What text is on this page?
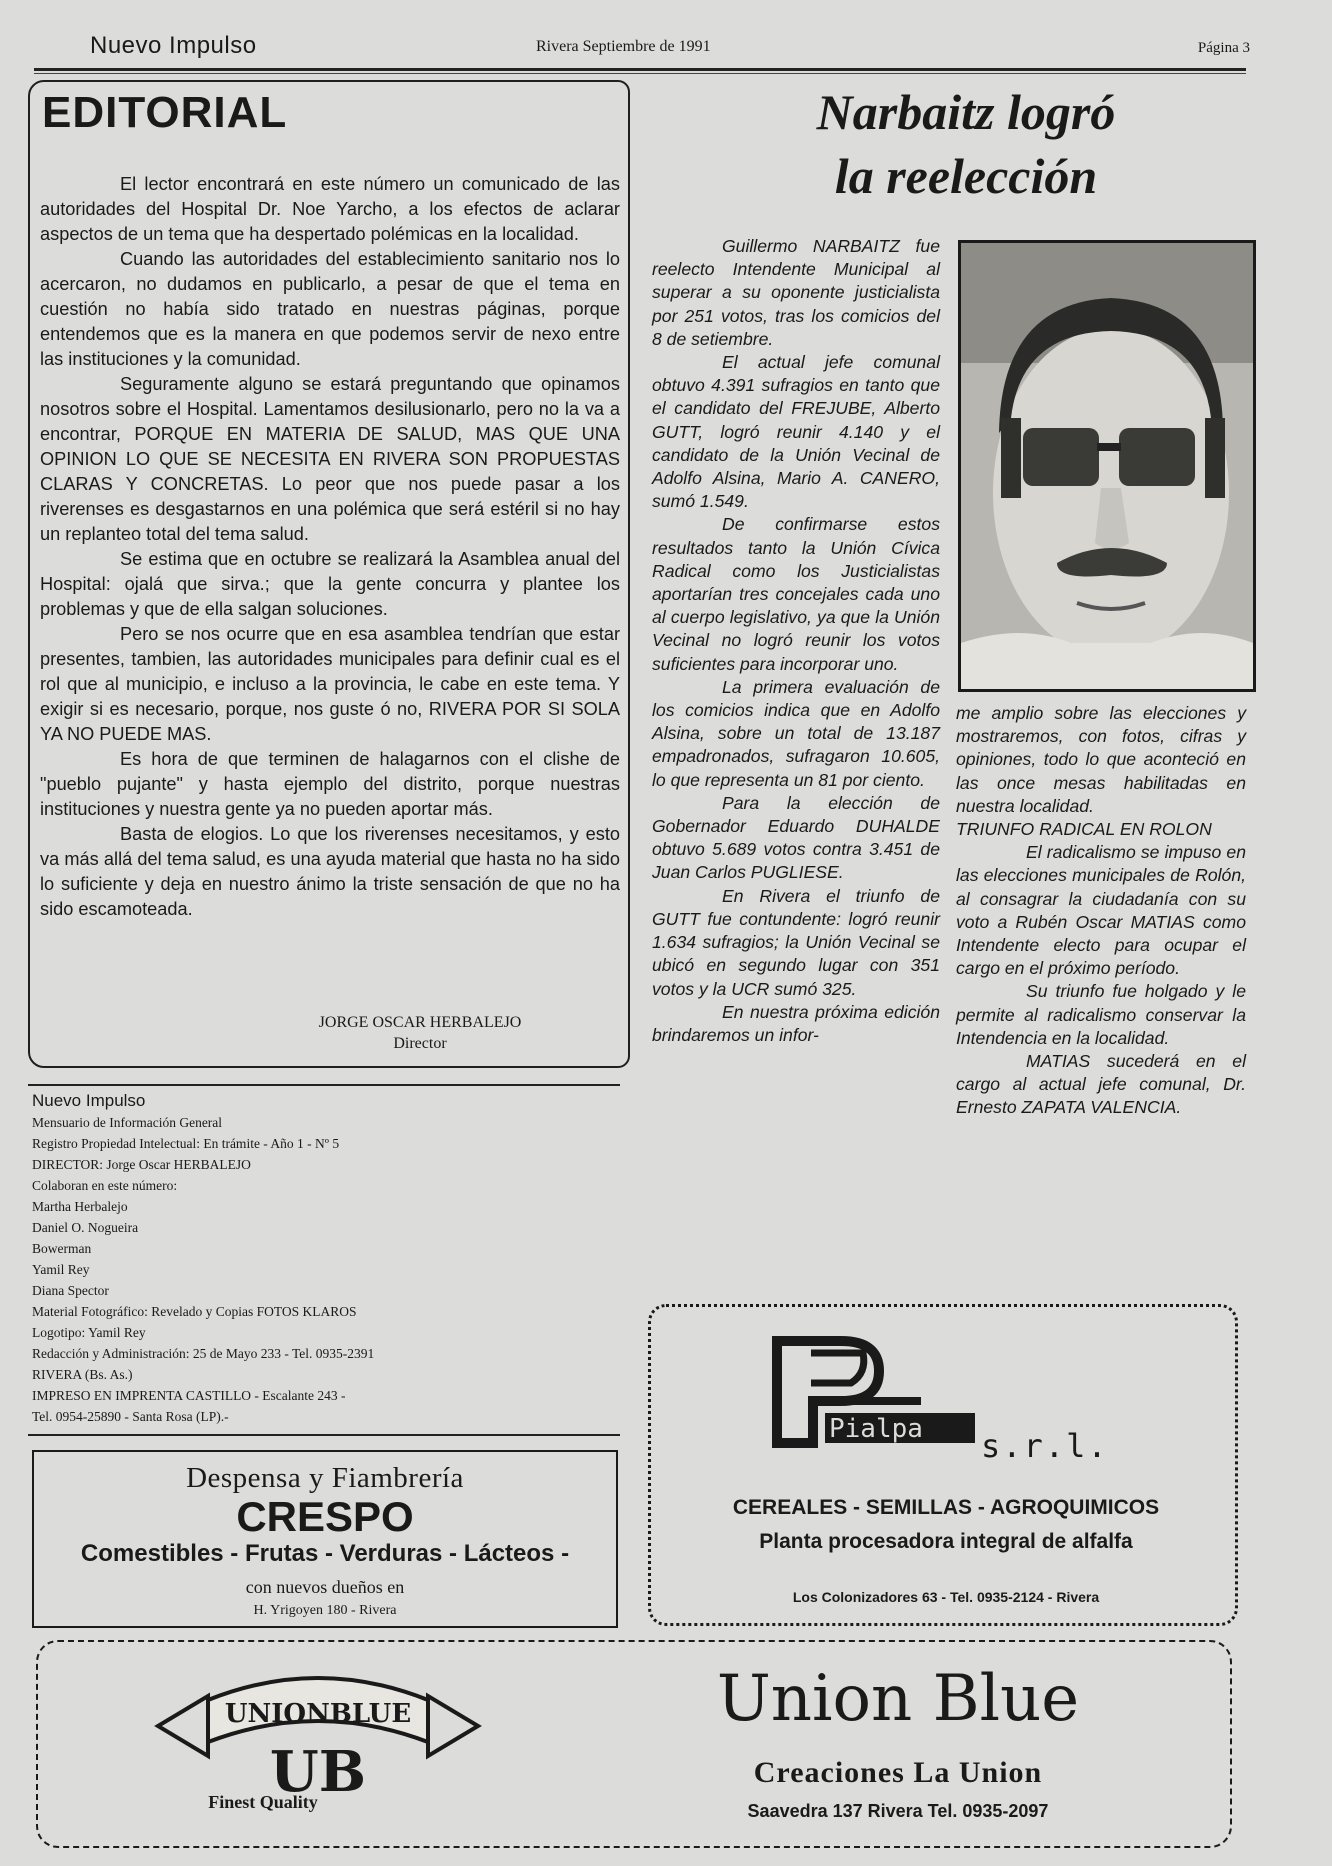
Nuevo Impulso	Rivera Septiembre de 1991	Página 3
EDITORIAL

El lector encontrará en este número un comunicado de las autoridades del Hospital Dr. Noe Yarcho, a los efectos de aclarar aspectos de un tema que ha despertado polémicas en la localidad.

Cuando las autoridades del establecimiento sanitario nos lo acercaron, no dudamos en publicarlo, a pesar de que el tema en cuestión no había sido tratado en nuestras páginas, porque entendemos que es la manera en que podemos servir de nexo entre las instituciones y la comunidad.

Seguramente alguno se estará preguntando que opinamos nosotros sobre el Hospital. Lamentamos desilusionarlo, pero no la va a encontrar, PORQUE EN MATERIA DE SALUD, MAS QUE UNA OPINION LO QUE SE NECESITA EN RIVERA SON PROPUESTAS CLARAS Y CONCRETAS. Lo peor que nos puede pasar a los riverenses es desgastarnos en una polémica que será estéril si no hay un replanteo total del tema salud.

Se estima que en octubre se realizará la Asamblea anual del Hospital: ojalá que sirva.; que la gente concurra y plantee los problemas y que de ella salgan soluciones.

Pero se nos ocurre que en esa asamblea tendrían que estar presentes, tambien, las autoridades municipales para definir cual es el rol que al municipio, e incluso a la provincia, le cabe en este tema. Y exigir si es necesario, porque, nos guste ó no, RIVERA POR SI SOLA YA NO PUEDE MAS.

Es hora de que terminen de halagarnos con el clishe de "pueblo pujante" y hasta ejemplo del distrito, porque nuestras instituciones y nuestra gente ya no pueden aportar más.

Basta de elogios. Lo que los riverenses necesitamos, y esto va más allá del tema salud, es una ayuda material que hasta no ha sido lo suficiente y deja en nuestro ánimo la triste sensación de que no ha sido escamoteada.

JORGE OSCAR HERBALEJO
Director
Nuevo Impulso
Mensuario de Información General
Registro Propiedad Intelectual: En trámite - Año 1 - Nº 5
DIRECTOR: Jorge Oscar HERBALEJO
Colaboran en este número:
Martha Herbalejo
Daniel O. Nogueira
Bowerman
Yamil Rey
Diana Spector
Material Fotográfico: Revelado y Copias FOTOS KLAROS
Logotipo: Yamil Rey
Redacción y Administración: 25 de Mayo 233 - Tel. 0935-2391
RIVERA (Bs. As.)
IMPRESO EN IMPRENTA CASTILLO - Escalante 243 -
Tel. 0954-25890 - Santa Rosa (LP).-
Despensa y Fiambrería
CRESPO
Comestibles - Frutas - Verduras - Lácteos -
con nuevos dueños en
H. Yrigoyen 180 - Rivera
Narbaitz logró
la reelección

Guillermo NARBAITZ fue reelecto Intendente Municipal al superar a su oponente justicialista por 251 votos, tras los comicios del 8 de setiembre.

El actual jefe comunal obtuvo 4.391 sufragios en tanto que el candidato del FREJUBE, Alberto GUTT, logró reunir 4.140 y el candidato de la Unión Vecinal de Adolfo Alsina, Mario A. CANERO, sumó 1.549.

De confirmarse estos resultados tanto la Unión Cívica Radical como los Justicialistas aportarían tres concejales cada uno al cuerpo legislativo, ya que la Unión Vecinal no logró reunir los votos suficientes para incorporar uno.

La primera evaluación de los comicios indica que en Adolfo Alsina, sobre un total de 13.187 empadronados, sufragaron 10.605, lo que representa un 81 por ciento.

Para la elección de Gobernador Eduardo DUHALDE obtuvo 5.689 votos contra 3.451 de Juan Carlos PUGLIESE.

En Rivera el triunfo de GUTT fue contundente: logró reunir 1.634 sufragios; la Unión Vecinal se ubicó en segundo lugar con 351 votos y la UCR sumó 325.

En nuestra próxima edición brindaremos un infor-

me amplio sobre las elecciones y mostraremos, con fotos, cifras y opiniones, todo lo que aconteció en las once mesas habilitadas en nuestra localidad.
TRIUNFO RADICAL EN ROLON

El radicalismo se impuso en las elecciones municipales de Rolón, al consagrar la ciudadanía con su voto a Rubén Oscar MATIAS como Intendente electo para ocupar el cargo en el próximo período.

Su triunfo fue holgado y le permite al radicalismo conservar la Intendencia en la localidad.

MATIAS sucederá en el cargo al actual jefe comunal, Dr. Ernesto ZAPATA VALENCIA.

Pialpa s.r.l.
CEREALES - SEMILLAS - AGROQUIMICOS
Planta procesadora integral de alfalfa
Los Colonizadores 63 - Tel. 0935-2124 - Rivera
UNIONBLUE
UB
Finest Quality
Union Blue
Creaciones La Union
Saavedra 137 Rivera Tel. 0935-2097
